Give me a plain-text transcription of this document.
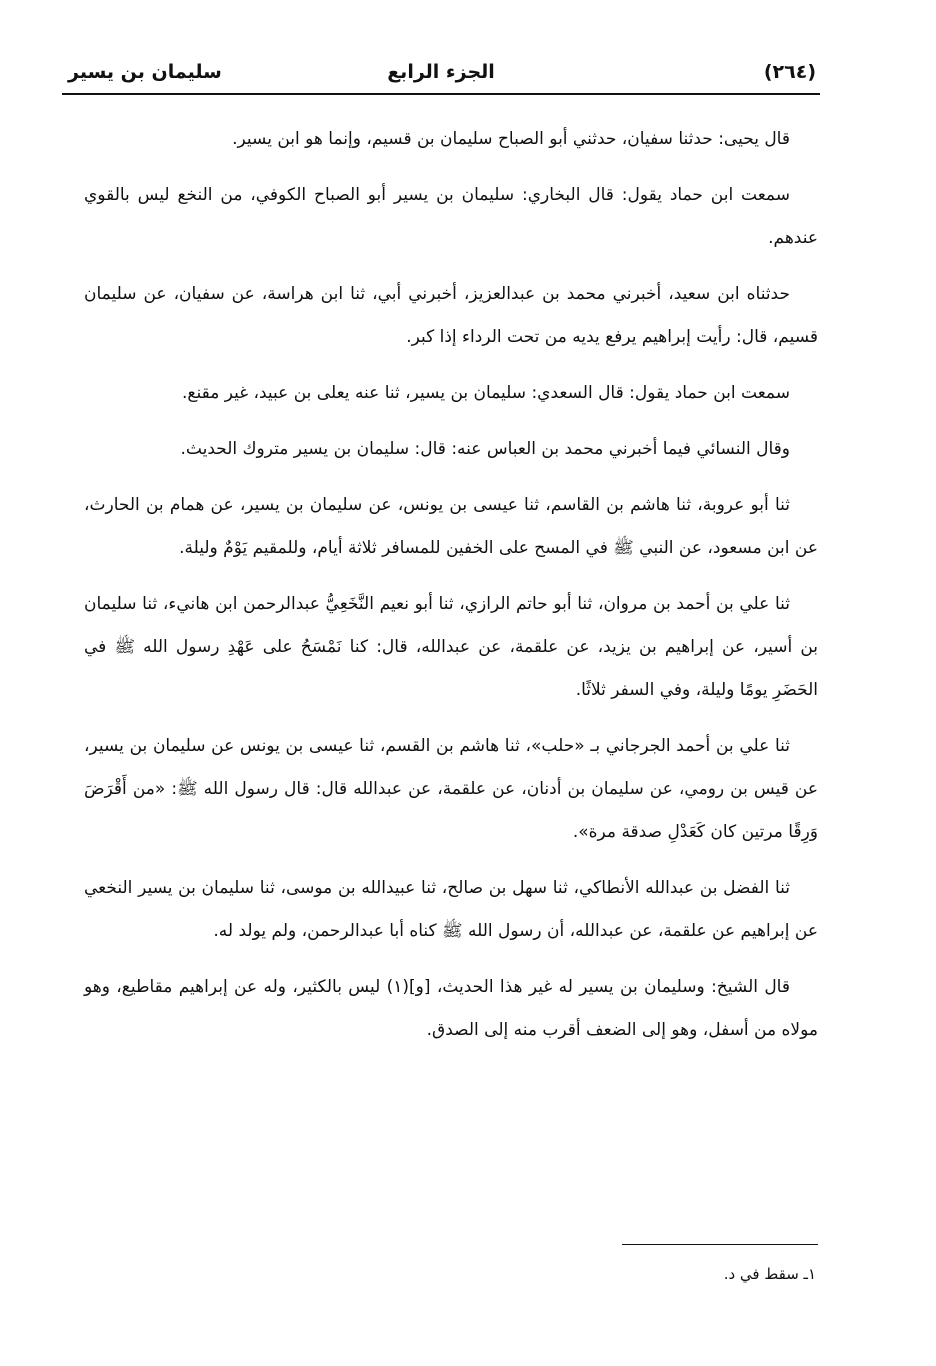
(٢٦٤)
الجزء الرابع
سليمان بن يسير

قال يحيى: حدثنا سفيان، حدثني أبو الصباح سليمان بن قسيم، وإنما هو ابن يسير.

سمعت ابن حماد يقول: قال البخاري: سليمان بن يسير أبو الصباح الكوفي، من النخع ليس بالقوي عندهم.

حدثناه ابن سعيد، أخبرني محمد بن عبدالعزيز، أخبرني أبي، ثنا ابن هراسة، عن سفيان، عن سليمان قسيم، قال: رأيت إبراهيم يرفع يديه من تحت الرداء إذا كبر.

سمعت ابن حماد يقول: قال السعدي: سليمان بن يسير، ثنا عنه يعلى بن عبيد، غير مقنع.

وقال النسائي فيما أخبرني محمد بن العباس عنه: قال: سليمان بن يسير متروك الحديث.

ثنا أبو عروبة، ثنا هاشم بن القاسم، ثنا عيسى بن يونس، عن سليمان بن يسير، عن همام بن الحارث، عن ابن مسعود، عن النبي ﷺ في المسح على الخفين للمسافر ثلاثة أيام، وللمقيم يَوْمٌ وليلة.

ثنا علي بن أحمد بن مروان، ثنا أبو حاتم الرازي، ثنا أبو نعيم النَّخَعِيُّ عبدالرحمن ابن هانيء، ثنا سليمان بن أسير، عن إبراهيم بن يزيد، عن علقمة، عن عبدالله، قال: كنا نَمْسَحُ على عَهْدِ رسول الله ﷺ في الحَضَرِ يومًا وليلة، وفي السفر ثلاثًا.

ثنا علي بن أحمد الجرجاني بـ «حلب»، ثنا هاشم بن القسم، ثنا عيسى بن يونس عن سليمان بن يسير، عن قيس بن رومي، عن سليمان بن أدنان، عن علقمة، عن عبدالله قال: قال رسول الله ﷺ: «من أَقْرَضَ وَرِقًا مرتين كان كَعَدْلِ صدقة مرة».

ثنا الفضل بن عبدالله الأنطاكي، ثنا سهل بن صالح، ثنا عبيدالله بن موسى، ثنا سليمان بن يسير النخعي عن إبراهيم عن علقمة، عن عبدالله، أن رسول الله ﷺ كناه أبا عبدالرحمن، ولم يولد له.

قال الشيخ: وسليمان بن يسير له غير هذا الحديث، [و](١) ليس بالكثير، وله عن إبراهيم مقاطيع، وهو مولاه من أسفل، وهو إلى الضعف أقرب منه إلى الصدق.

١ـ سقط في د.
